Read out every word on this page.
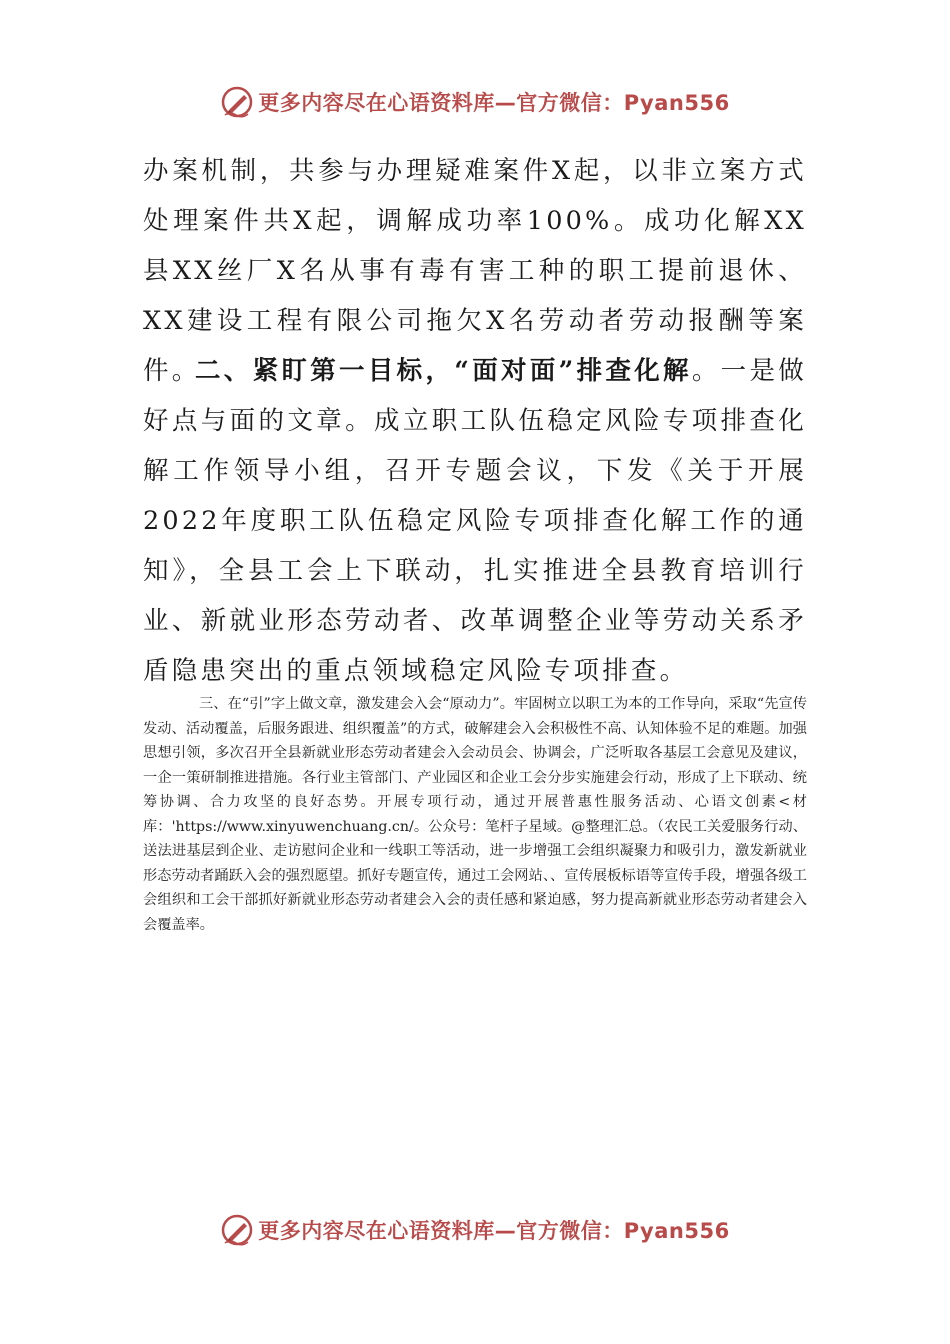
更多内容尽在心语资料库—官方微信：Pyan556

办案机制，共参与办理疑难案件X起，以非立案方式处理案件共X起，调解成功率100%。成功化解XX县XX丝厂X名从事有毒有害工种的职工提前退休、XX建设工程有限公司拖欠X名劳动者劳动报酬等案件。

二、紧盯第一目标，“面对面”排查化解。一是做好点与面的文章。成立职工队伍稳定风险专项排查化解工作领导小组，召开专题会议，下发《关于开展2022年度职工队伍稳定风险专项排查化解工作的通知》，全县工会上下联动，扎实推进全县教育培训行业、新就业形态劳动者、改革调整企业等劳动关系矛盾隐患突出的重点领域稳定风险专项排查。

三、在“引”字上做文章，激发建会入会“原动力”。牢固树立以职工为本的工作导向，采取“先宣传发动、活动覆盖，后服务跟进、组织覆盖”的方式，破解建会入会积极性不高、认知体验不足的难题。加强思想引领，多次召开全县新就业形态劳动者建会入会动员会、协调会，广泛听取各基层工会意见及建议，一企一策研制推进措施。各行业主管部门、产业园区和企业工会分步实施建会行动，形成了上下联动、统筹协调、合力攻坚的良好态势。开展专项行动，通过开展普惠性服务活动、心语文创素<材库：'https://www.xinyuwenchuang.cn/。公众号：笔杆子星域。@整理汇总。（农民工关爱服务行动、送法进基层到企业、走访慰问企业和一线职工等活动，进一步增强工会组织凝聚力和吸引力，激发新就业形态劳动者踊跃入会的强烈愿望。抓好专题宣传，通过工会网站、、宣传展板标语等宣传手段，增强各级工会组织和工会干部抓好新就业形态劳动者建会入会的责任感和紧迫感，努力提高新就业形态劳动者建会入会覆盖率。

更多内容尽在心语资料库—官方微信：Pyan556
